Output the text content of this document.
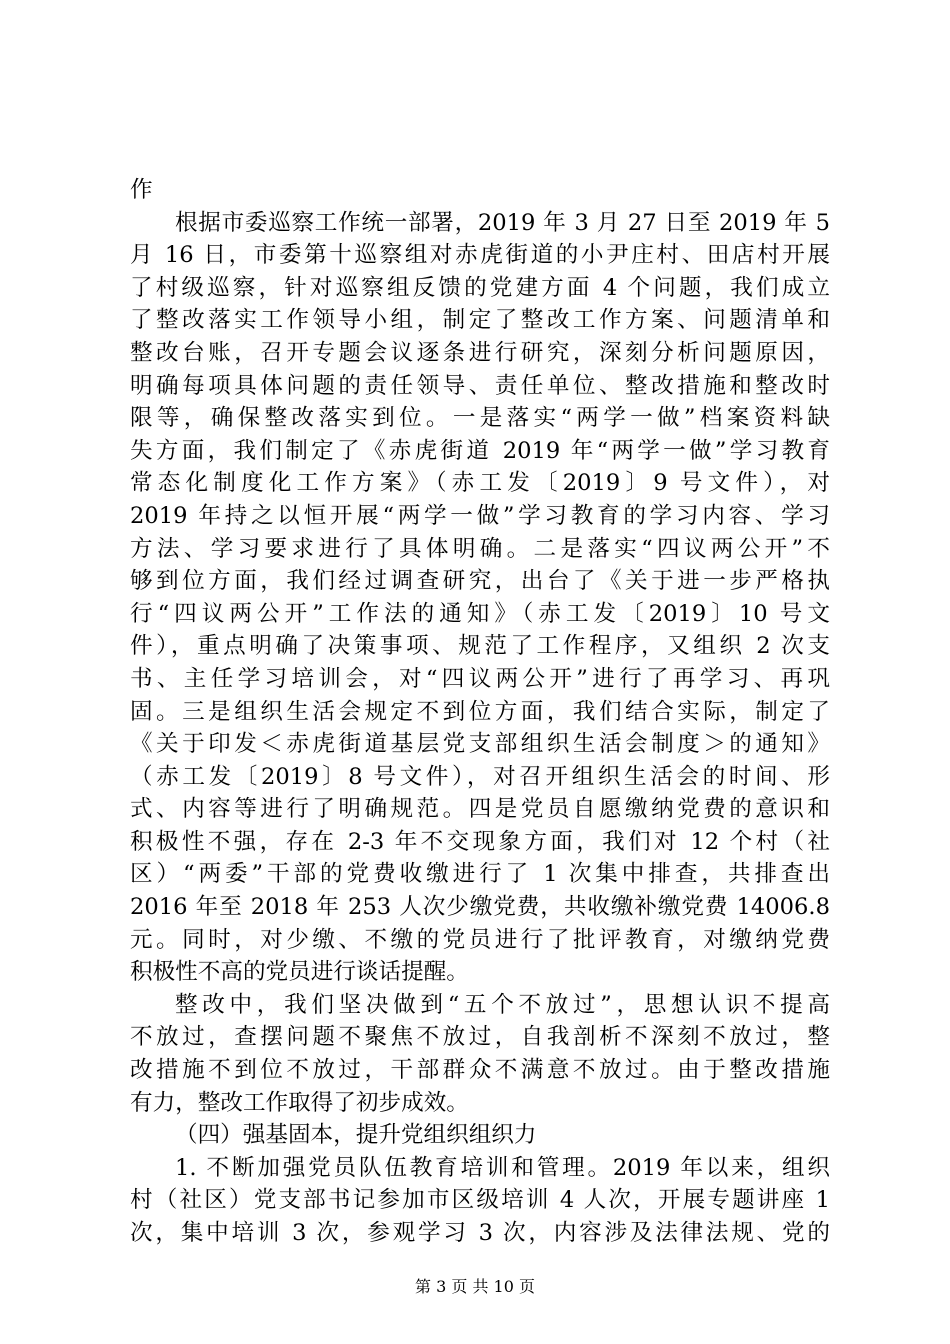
作
根据市委巡察工作统一部署，2019 年 3 月 27 日至 2019 年 5
月 16 日，市委第十巡察组对赤虎街道的小尹庄村、田店村开展
了村级巡察，针对巡察组反馈的党建方面 4 个问题，我们成立
了整改落实工作领导小组，制定了整改工作方案、问题清单和
整改台账，召开专题会议逐条进行研究，深刻分析问题原因，
明确每项具体问题的责任领导、责任单位、整改措施和整改时
限等，确保整改落实到位。一是落实“两学一做”档案资料缺
失方面，我们制定了《赤虎街道 2019 年“两学一做”学习教育
常态化制度化工作方案》（赤工发〔2019〕9 号文件），对
2019 年持之以恒开展“两学一做”学习教育的学习内容、学习
方法、学习要求进行了具体明确。二是落实“四议两公开”不
够到位方面，我们经过调查研究，出台了《关于进一步严格执
行“四议两公开”工作法的通知》（赤工发〔2019〕10 号文
件），重点明确了决策事项、规范了工作程序，又组织 2 次支
书、主任学习培训会，对“四议两公开”进行了再学习、再巩
固。三是组织生活会规定不到位方面，我们结合实际，制定了
《关于印发＜赤虎街道基层党支部组织生活会制度＞的通知》
（赤工发〔2019〕8 号文件），对召开组织生活会的时间、形
式、内容等进行了明确规范。四是党员自愿缴纳党费的意识和
积极性不强，存在 2-3 年不交现象方面，我们对 12 个村（社
区）“两委”干部的党费收缴进行了 1 次集中排查，共排查出
2016 年至 2018 年 253 人次少缴党费，共收缴补缴党费 14006.8
元。同时，对少缴、不缴的党员进行了批评教育，对缴纳党费
积极性不高的党员进行谈话提醒。
整改中，我们坚决做到“五个不放过”，思想认识不提高
不放过，查摆问题不聚焦不放过，自我剖析不深刻不放过，整
改措施不到位不放过，干部群众不满意不放过。由于整改措施
有力，整改工作取得了初步成效。
（四）强基固本，提升党组织组织力
1. 不断加强党员队伍教育培训和管理。2019 年以来，组织
村（社区）党支部书记参加市区级培训 4 人次，开展专题讲座 1
次，集中培训 3 次，参观学习 3 次，内容涉及法律法规、党的
第 3 页 共 10 页
